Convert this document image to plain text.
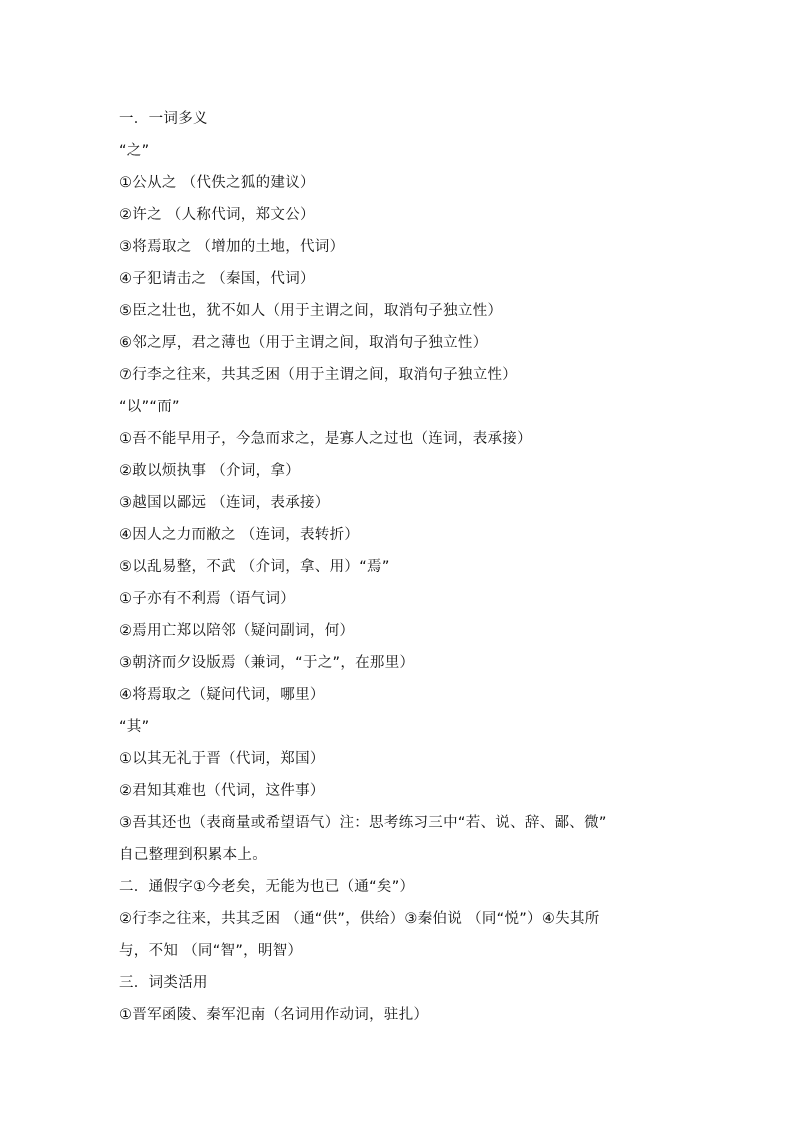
一．一词多义
“之”
①公从之 （代佚之狐的建议）
②许之 （人称代词，郑文公）
③将焉取之 （增加的土地，代词）
④子犯请击之 （秦国，代词）
⑤臣之壮也，犹不如人（用于主谓之间，取消句子独立性）
⑥邻之厚，君之薄也（用于主谓之间，取消句子独立性）
⑦行李之往来，共其乏困（用于主谓之间，取消句子独立性）
“以”“而”
①吾不能早用子，今急而求之，是寡人之过也（连词，表承接）
②敢以烦执事 （介词，拿）
③越国以鄙远 （连词，表承接）
④因人之力而敝之 （连词，表转折）
⑤以乱易整，不武 （介词，拿、用）“焉”
①子亦有不利焉（语气词）
②焉用亡郑以陪邻（疑问副词，何）
③朝济而夕设版焉（兼词，“于之”，在那里）
④将焉取之（疑问代词，哪里）
“其”
①以其无礼于晋（代词，郑国）
②君知其难也（代词，这件事）
③吾其还也（表商量或希望语气）注：思考练习三中“若、说、辞、鄙、微”
自己整理到积累本上。
二．通假字①今老矣，无能为也已（通“矣”）
②行李之往来，共其乏困 （通“供”，供给）③秦伯说 （同“悦”）④失其所
与，不知 （同“智”，明智）
三．词类活用
①晋军函陵、秦军氾南（名词用作动词，驻扎）
